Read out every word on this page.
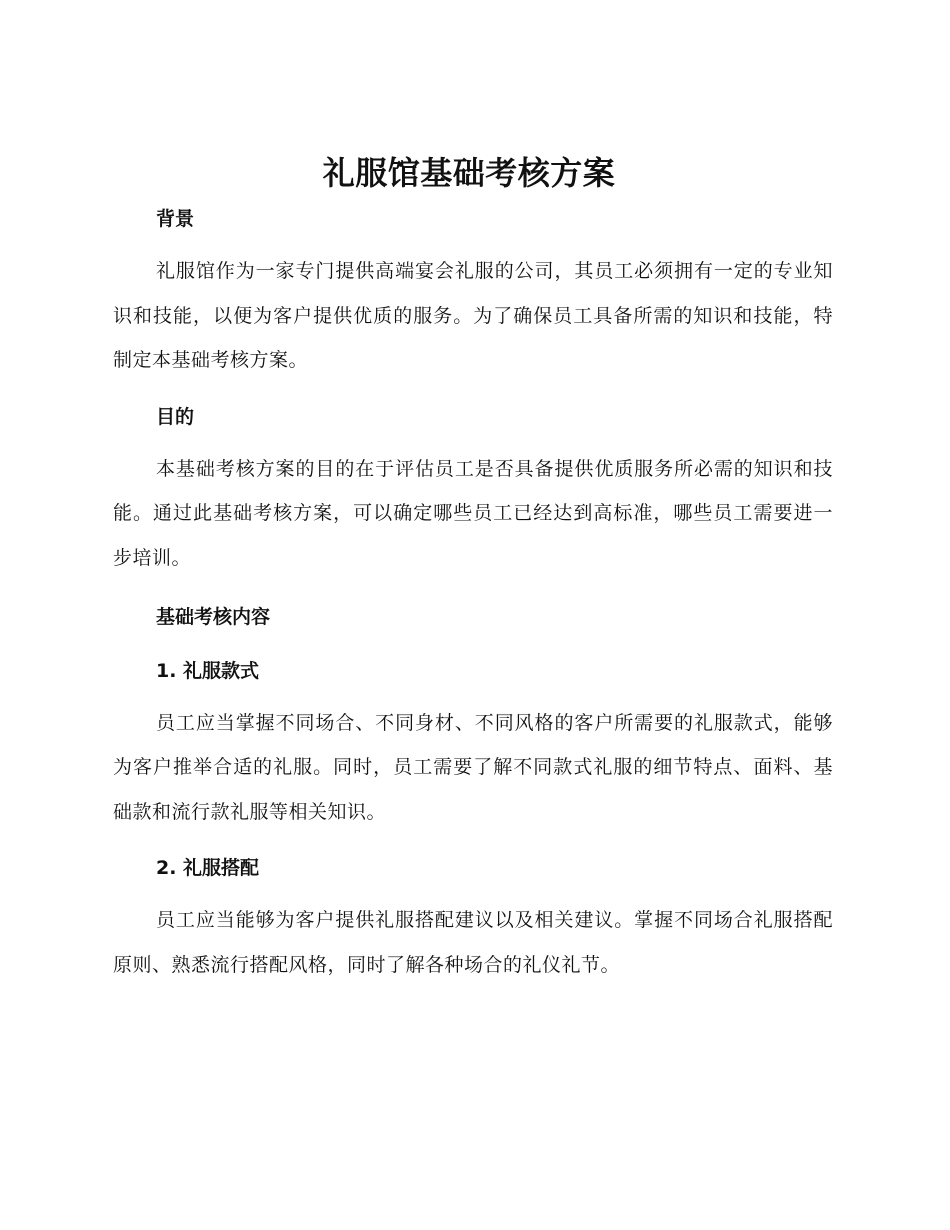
礼服馆基础考核方案
背景

礼服馆作为一家专门提供高端宴会礼服的公司，其员工必须拥有一定的专业知识和技能，以便为客户提供优质的服务。为了确保员工具备所需的知识和技能，特制定本基础考核方案。

目的

本基础考核方案的目的在于评估员工是否具备提供优质服务所必需的知识和技能。通过此基础考核方案，可以确定哪些员工已经达到高标准，哪些员工需要进一步培训。

基础考核内容
1. 礼服款式

员工应当掌握不同场合、不同身材、不同风格的客户所需要的礼服款式，能够为客户推举合适的礼服。同时，员工需要了解不同款式礼服的细节特点、面料、基础款和流行款礼服等相关知识。

2. 礼服搭配

员工应当能够为客户提供礼服搭配建议以及相关建议。掌握不同场合礼服搭配原则、熟悉流行搭配风格，同时了解各种场合的礼仪礼节。
